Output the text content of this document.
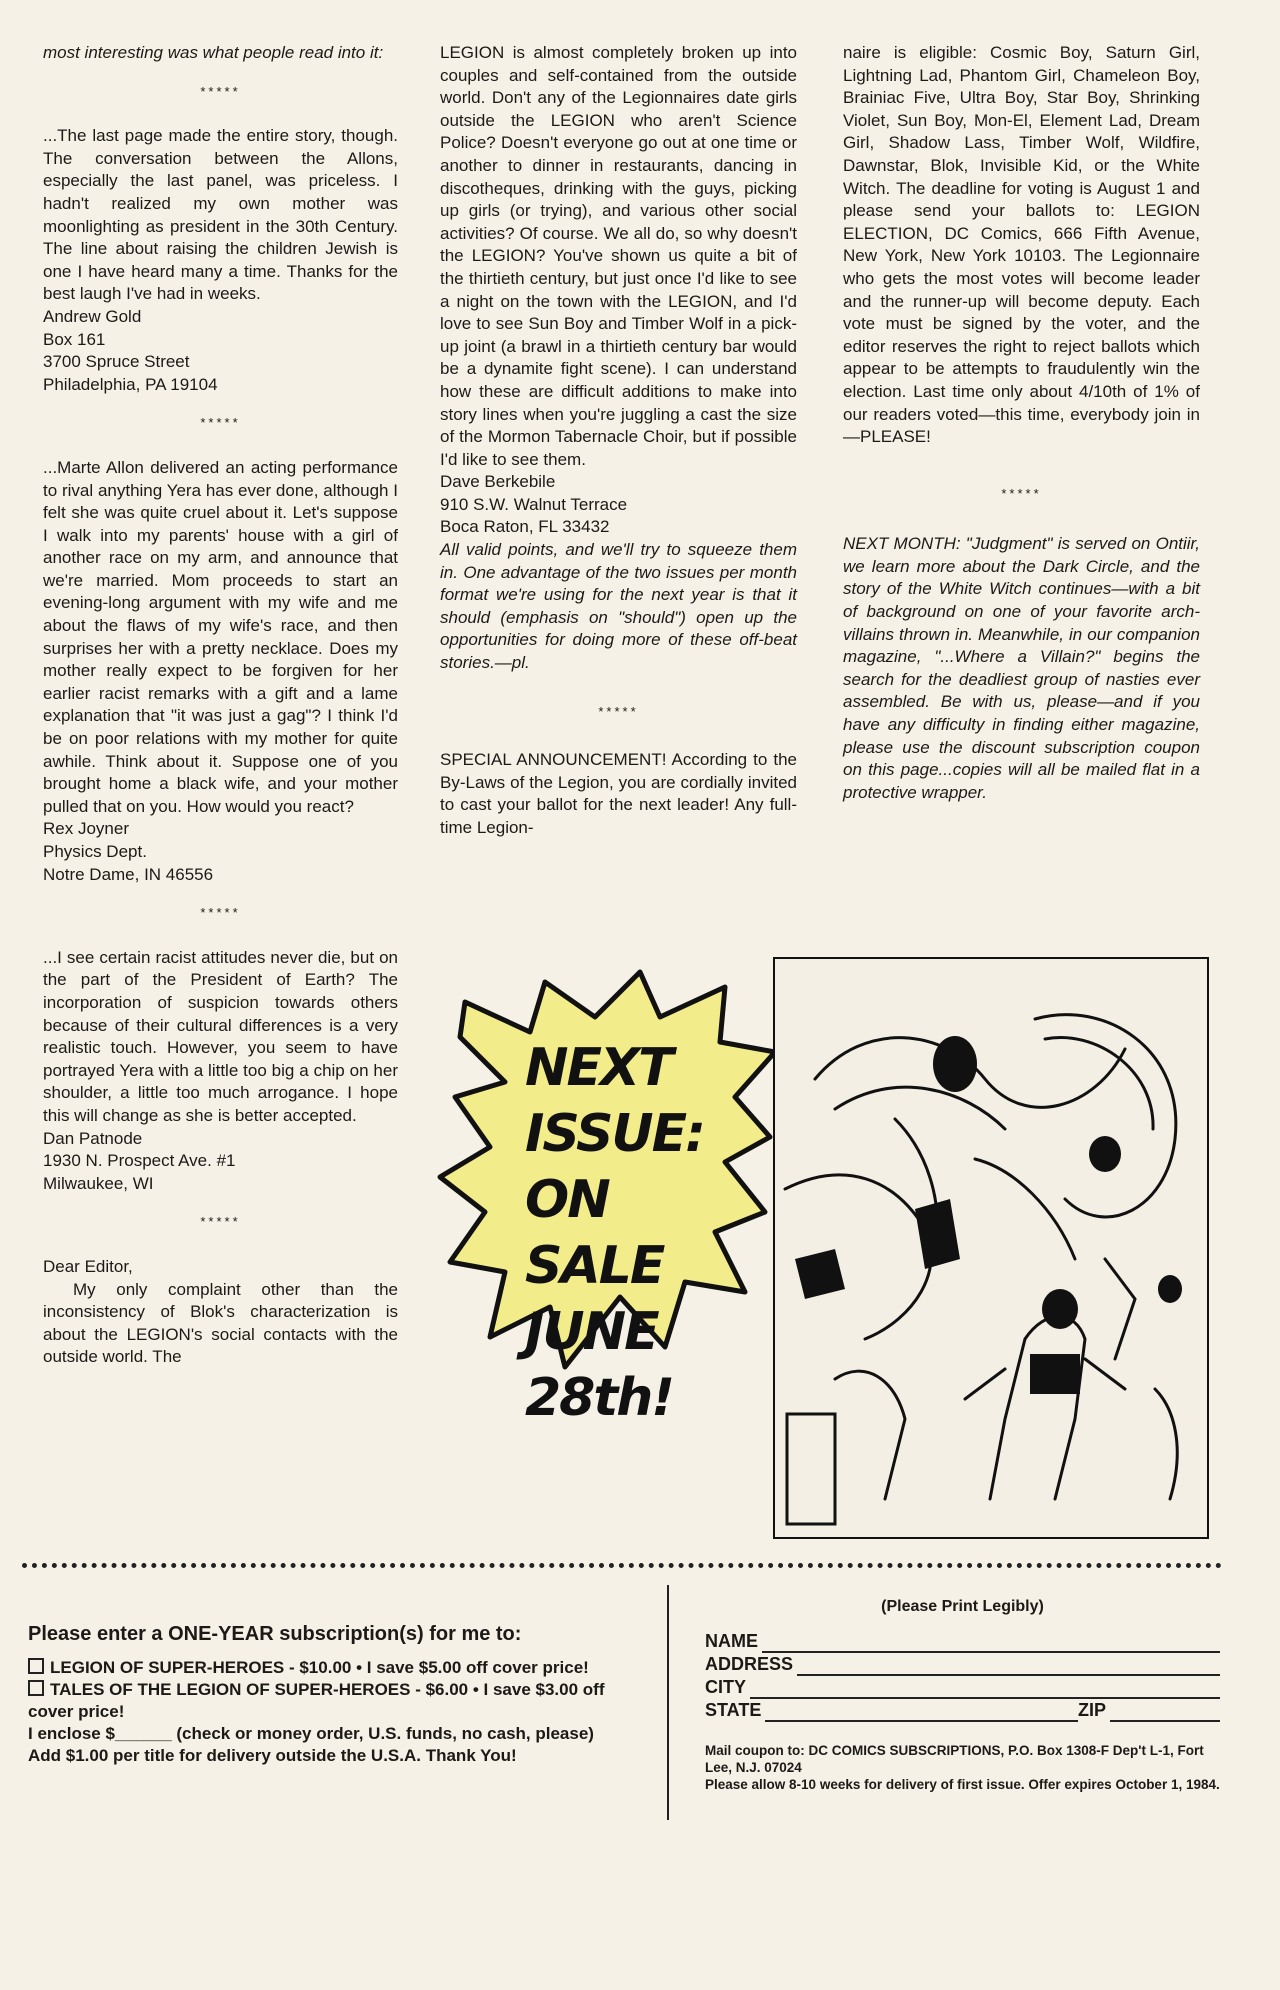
most interesting was what people read into it:

*****

...The last page made the entire story, though. The conversation between the Allons, especially the last panel, was priceless. I hadn't realized my own mother was moonlighting as president in the 30th Century. The line about raising the children Jewish is one I have heard many a time. Thanks for the best laugh I've had in weeks.

Andrew Gold

Box 161

3700 Spruce Street

Philadelphia, PA 19104

*****

...Marte Allon delivered an acting performance to rival anything Yera has ever done, although I felt she was quite cruel about it. Let's suppose I walk into my parents' house with a girl of another race on my arm, and announce that we're married. Mom proceeds to start an evening-long argument with my wife and me about the flaws of my wife's race, and then surprises her with a pretty necklace. Does my mother really expect to be forgiven for her earlier racist remarks with a gift and a lame explanation that "it was just a gag"? I think I'd be on poor relations with my mother for quite awhile. Think about it. Suppose one of you brought home a black wife, and your mother pulled that on you. How would you react?

Rex Joyner

Physics Dept.

Notre Dame, IN 46556

*****

...I see certain racist attitudes never die, but on the part of the President of Earth? The incorporation of suspicion towards others because of their cultural differences is a very realistic touch. However, you seem to have portrayed Yera with a little too big a chip on her shoulder, a little too much arrogance. I hope this will change as she is better accepted.

Dan Patnode

1930 N. Prospect Ave. #1

Milwaukee, WI

*****

Dear Editor,

My only complaint other than the inconsistency of Blok's characterization is about the LEGION's social contacts with the outside world. The

LEGION is almost completely broken up into couples and self-contained from the outside world. Don't any of the Legionnaires date girls outside the LEGION who aren't Science Police? Doesn't everyone go out at one time or another to dinner in restaurants, dancing in discotheques, drinking with the guys, picking up girls (or trying), and various other social activities? Of course. We all do, so why doesn't the LEGION? You've shown us quite a bit of the thirtieth century, but just once I'd like to see a night on the town with the LEGION, and I'd love to see Sun Boy and Timber Wolf in a pick-up joint (a brawl in a thirtieth century bar would be a dynamite fight scene). I can understand how these are difficult additions to make into story lines when you're juggling a cast the size of the Mormon Tabernacle Choir, but if possible I'd like to see them.

Dave Berkebile

910 S.W. Walnut Terrace

Boca Raton, FL 33432

All valid points, and we'll try to squeeze them in. One advantage of the two issues per month format we're using for the next year is that it should (emphasis on "should") open up the opportunities for doing more of these off-beat stories.—pl.

*****

SPECIAL ANNOUNCEMENT! According to the By-Laws of the Legion, you are cordially invited to cast your ballot for the next leader! Any full-time Legion-

naire is eligible: Cosmic Boy, Saturn Girl, Lightning Lad, Phantom Girl, Chameleon Boy, Brainiac Five, Ultra Boy, Star Boy, Shrinking Violet, Sun Boy, Mon-El, Element Lad, Dream Girl, Shadow Lass, Timber Wolf, Wildfire, Dawnstar, Blok, Invisible Kid, or the White Witch. The deadline for voting is August 1 and please send your ballots to: LEGION ELECTION, DC Comics, 666 Fifth Avenue, New York, New York 10103. The Legionnaire who gets the most votes will become leader and the runner-up will become deputy. Each vote must be signed by the voter, and the editor reserves the right to reject ballots which appear to be attempts to fraudulently win the election. Last time only about 4/10th of 1% of our readers voted—this time, everybody join in—PLEASE!

*****

NEXT MONTH: "Judgment" is served on Ontiir, we learn more about the Dark Circle, and the story of the White Witch continues—with a bit of background on one of your favorite arch-villains thrown in. Meanwhile, in our companion magazine, "...Where a Villain?" begins the search for the deadliest group of nasties ever assembled. Be with us, please—and if you have any difficulty in finding either magazine, please use the discount subscription coupon on this page...copies will all be mailed flat in a protective wrapper.

NEXT
ISSUE:
ON SALE
JUNE
28th!

Please enter a ONE-YEAR subscription(s) for me to:

LEGION OF SUPER-HEROES - $10.00 • I save $5.00 off cover price!

TALES OF THE LEGION OF SUPER-HEROES - $6.00 • I save $3.00 off cover price!

I enclose $______ (check or money order, U.S. funds, no cash, please)

Add $1.00 per title for delivery outside the U.S.A. Thank You!

(Please Print Legibly)
NAME
ADDRESS
CITY
STATE	ZIP
Mail coupon to: DC COMICS SUBSCRIPTIONS, P.O. Box 1308-F Dep't L-1, Fort Lee, N.J. 07024
Please allow 8-10 weeks for delivery of first issue. Offer expires October 1, 1984.
